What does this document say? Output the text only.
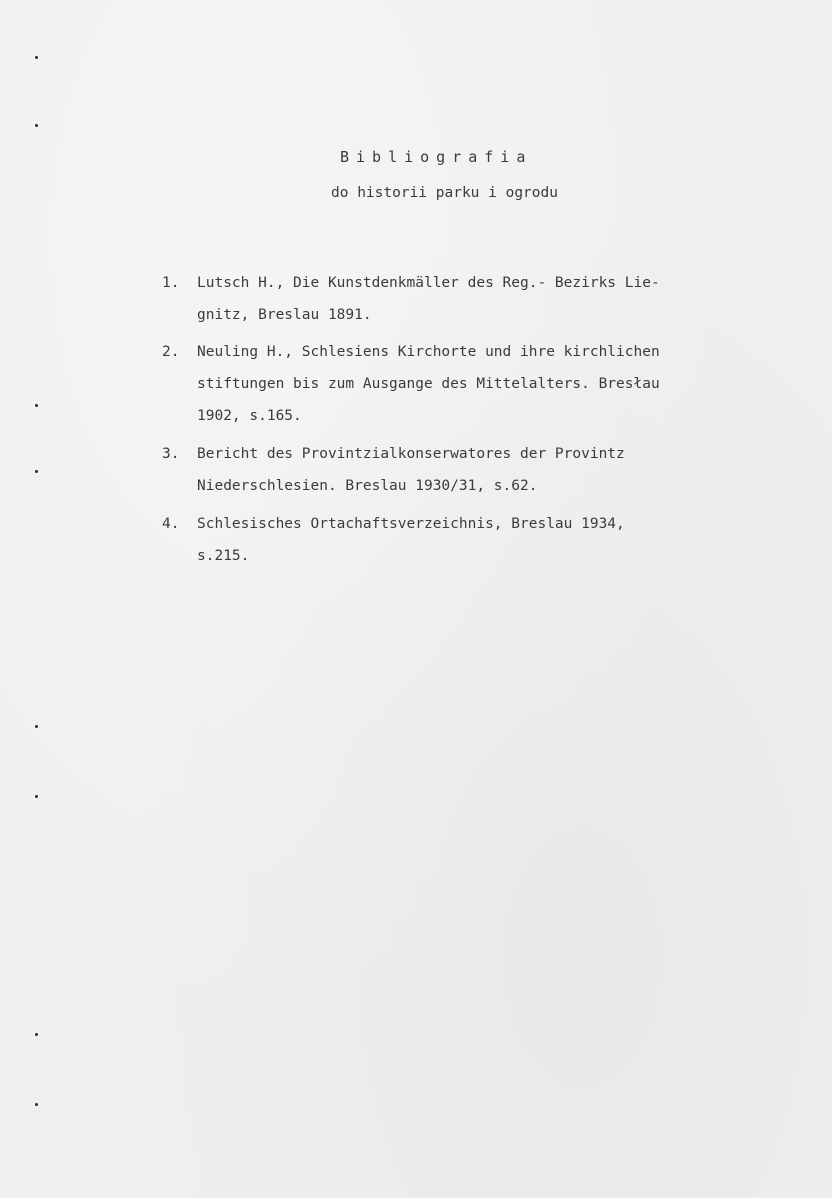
Bibliografia
do historii parku i ogrodu
1.	Lutsch H., Die Kunstdenkmäller des Reg.- Bezirks Lie-
gnitz, Breslau 1891.
2.	Neuling H., Schlesiens Kirchorte und ihre kirchlichen
stiftungen bis zum Ausgange des Mittelalters. Bresłau
1902, s.165.
3.	Bericht des Provintzialkonserwatores der Provintz
Niederschlesien. Breslau 1930/31, s.62.
4.	Schlesisches Ortachaftsverzeichnis, Breslau 1934,
s.215.
